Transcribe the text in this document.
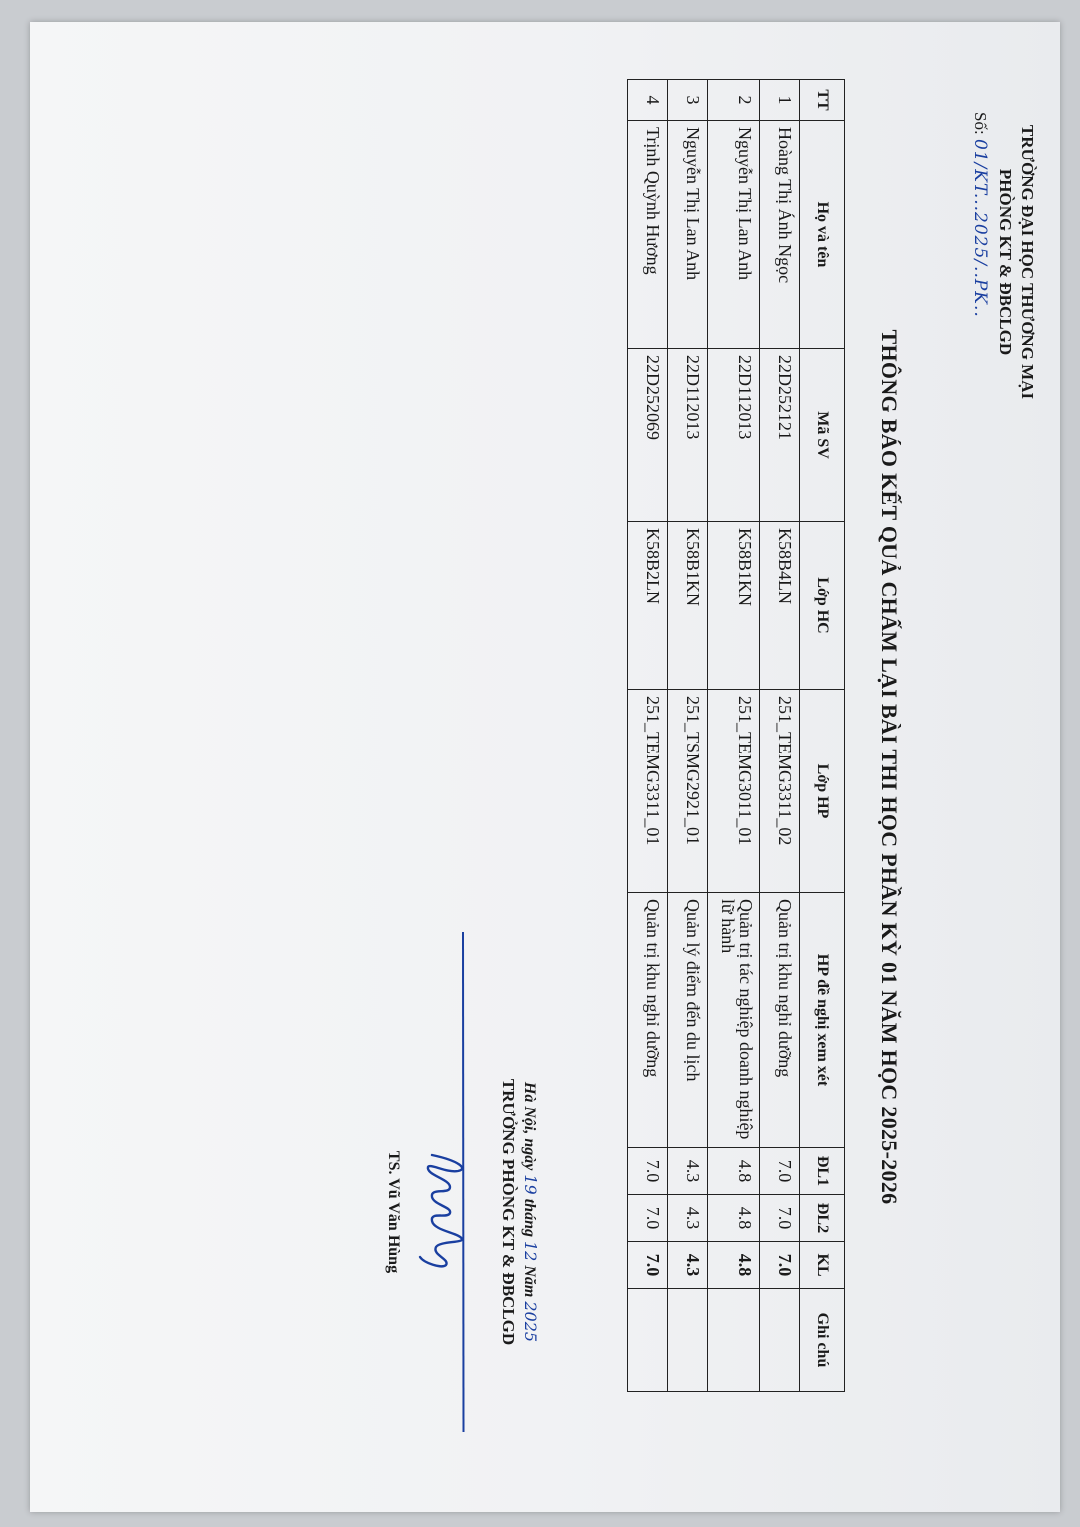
TRƯỜNG ĐẠI HỌC THƯƠNG MẠI
PHÒNG KT & ĐBCLGD
Số: 01/KT...2025/..PK..
THÔNG BÁO KẾT QUẢ CHẤM LẠI BÀI THI HỌC PHẦN KỲ 01 NĂM HỌC 2025-2026
TT	Họ và tên	Mã SV	Lớp HC	Lớp HP	HP đề nghị xem xét	ĐL1	ĐL2	KL	Ghi chú
1	Hoàng Thị Ánh Ngọc	22D252121	K58B4LN	251_TEMG3311_02	Quản trị khu nghỉ dưỡng	7.0	7.0	7.0	
2	Nguyễn Thị Lan Anh	22D112013	K58B1KN	251_TEMG3011_01	Quản trị tác nghiệp doanh nghiệp lữ hành	4.8	4.8	4.8	
3	Nguyễn Thị Lan Anh	22D112013	K58B1KN	251_TSMG2921_01	Quản lý điểm đến du lịch	4.3	4.3	4.3	
4	Trịnh Quỳnh Hương	22D252069	K58B2LN	251_TEMG3311_01	Quản trị khu nghỉ dưỡng	7.0	7.0	7.0	
Hà Nội, ngày 19 tháng 12 Năm 2025
TRƯỞNG PHÒNG KT & ĐBCLGD
TS. Vũ Văn Hùng
